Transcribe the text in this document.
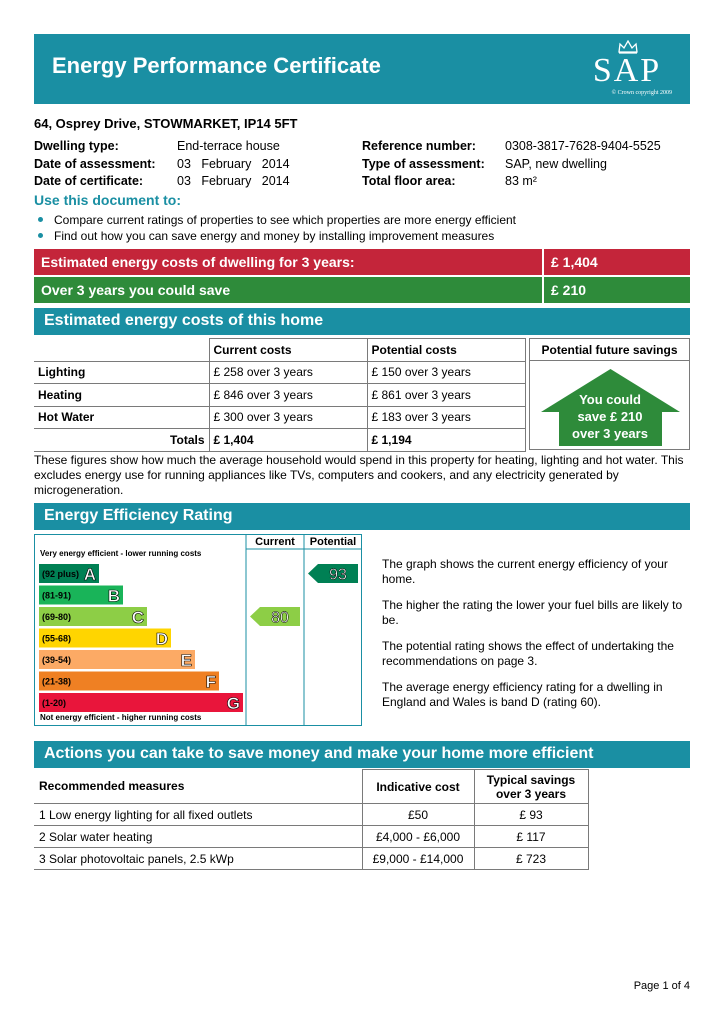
Energy Performance Certificate	SAP
© Crown copyright 2009
64, Osprey Drive, STOWMARKET, IP14 5FT
Dwelling type:	End-terrace house
Date of assessment:	03   February   2014
Date of certificate:	03   February   2014
Reference number:	0308-3817-7628-9404-5525
Type of assessment:	SAP, new dwelling
Total floor area:	83 m²
Use this document to:
Compare current ratings of properties to see which properties are more energy efficient
Find out how you can save energy and money by installing improvement measures
Estimated energy costs of dwelling for 3 years:	£ 1,404
Over 3 years you could save	£ 210
Estimated energy costs of this home
	Current costs	Potential costs
Lighting	£ 258 over 3 years	£ 150 over 3 years
Heating	£ 846 over 3 years	£ 861 over 3 years
Hot Water	£ 300 over 3 years	£ 183 over 3 years
Totals	£ 1,404	£ 1,194
Potential future savings
You could
save £ 210
over 3 years
These figures show how much the average household would spend in this property for heating, lighting and hot water. This excludes energy use for running appliances like TVs, computers and cookers, and any electricity generated by microgeneration.
Energy Efficiency Rating
Current Potential
Very energy efficient - lower running costs
Not energy efficient - higher running costs
(92 plus) A
(81-91) B
(69-80)	C
(55-68)	D
(39-54)	E
(21-38)	F
(1-20)	G
80
93

The graph shows the current energy efficiency of your home.

The higher the rating the lower your fuel bills are likely to be.

The potential rating shows the effect of undertaking the recommendations on page 3.

The average energy efficiency rating for a dwelling in England and Wales is band D (rating 60).

Actions you can take to save money and make your home more efficient
Recommended measures	Indicative cost	Typical savings over 3 years
1 Low energy lighting for all fixed outlets	£50	£ 93
2 Solar water heating	£4,000 - £6,000	£ 117
3 Solar photovoltaic panels, 2.5 kWp	£9,000 - £14,000	£ 723
Page 1 of 4
